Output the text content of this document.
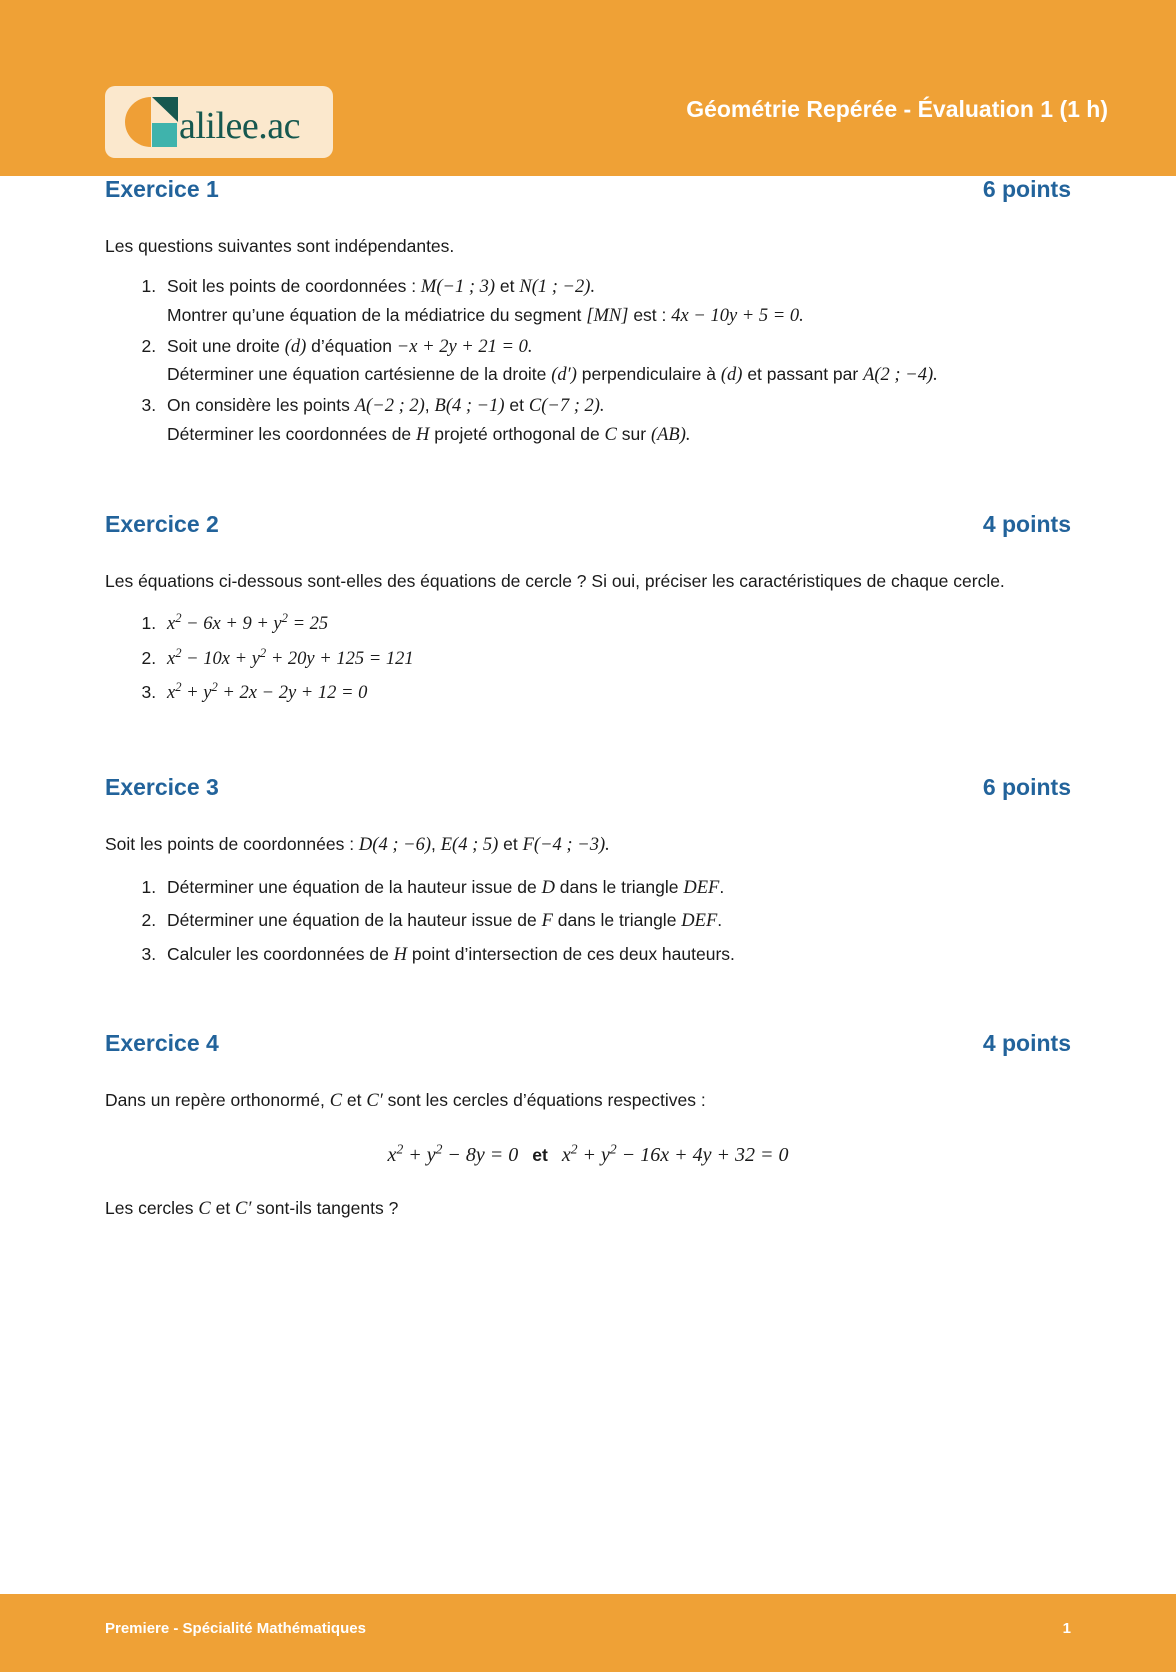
alilee.ac	Géométrie Repérée - Évaluation 1 (1 h)
Exercice 1	6 points
Les questions suivantes sont indépendantes.
1. Soit les points de coordonnées : M(−1 ; 3) et N(1 ; −2).
Montrer qu’une équation de la médiatrice du segment [MN] est : 4x − 10y + 5 = 0.
2. Soit une droite (d) d’équation −x + 2y + 21 = 0.
Déterminer une équation cartésienne de la droite (d′) perpendiculaire à (d) et passant par A(2 ; −4).
3. On considère les points A(−2 ; 2), B(4 ; −1) et C(−7 ; 2).
Déterminer les coordonnées de H projeté orthogonal de C sur (AB).
Exercice 2	4 points
Les équations ci-dessous sont-elles des équations de cercle ? Si oui, préciser les caractéristiques de chaque cercle.
1. $x^2 - 6x + 9 + y^2 = 25$
2. $x^2 - 10x + y^2 + 20y + 125 = 121$
3. $x^2 + y^2 + 2x - 2y + 12 = 0$
Exercice 3	6 points
Soit les points de coordonnées : D(4 ; −6), E(4 ; 5) et F(−4 ; −3).
1. Déterminer une équation de la hauteur issue de D dans le triangle DEF.
2. Déterminer une équation de la hauteur issue de F dans le triangle DEF.
3. Calculer les coordonnées de H point d’intersection de ces deux hauteurs.
Exercice 4	4 points
Dans un repère orthonormé, C et C′ sont les cercles d’équations respectives :
$x^2 + y^2 - 8y = 0$ et $x^2 + y^2 - 16x + 4y + 32 = 0$
Les cercles C et C′ sont-ils tangents ?
Premiere - Spécialité Mathématiques	1
